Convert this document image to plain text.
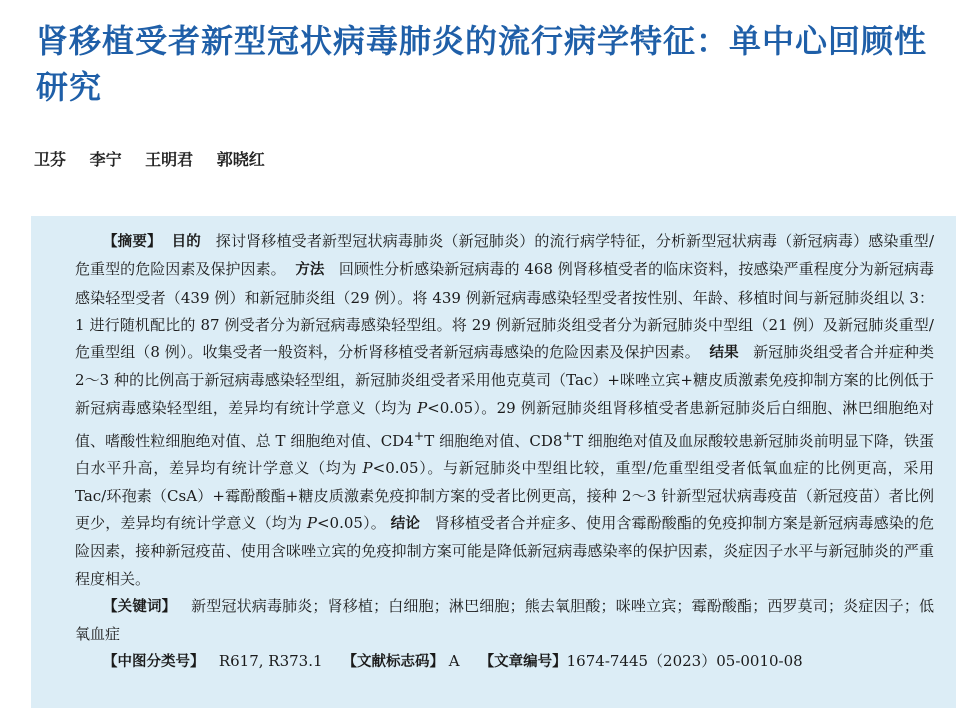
肾移植受者新型冠状病毒肺炎的流行病学特征：单中心回顾性研究
卫芬 李宁 王明君 郭晓红

【摘要】 目的 探讨肾移植受者新型冠状病毒肺炎（新冠肺炎）的流行病学特征，分析新型冠状病毒（新冠病毒）感染重型/危重型的危险因素及保护因素。 方法 回顾性分析感染新冠病毒的 468 例肾移植受者的临床资料，按感染严重程度分为新冠病毒感染轻型受者（439 例）和新冠肺炎组（29 例）。将 439 例新冠病毒感染轻型受者按性别、年龄、移植时间与新冠肺炎组以 3：1 进行随机配比的 87 例受者分为新冠病毒感染轻型组。将 29 例新冠肺炎组受者分为新冠肺炎中型组（21 例）及新冠肺炎重型/危重型组（8 例）。收集受者一般资料，分析肾移植受者新冠病毒感染的危险因素及保护因素。 结果 新冠肺炎组受者合并症种类 2～3 种的比例高于新冠病毒感染轻型组，新冠肺炎组受者采用他克莫司（Tac）+咪唑立宾+糖皮质激素免疫抑制方案的比例低于新冠病毒感染轻型组，差异均有统计学意义（均为 P<0.05）。29 例新冠肺炎组肾移植受者患新冠肺炎后白细胞、淋巴细胞绝对值、嗜酸性粒细胞绝对值、总 T 细胞绝对值、CD4+T 细胞绝对值、CD8+T 细胞绝对值及血尿酸较患新冠肺炎前明显下降，铁蛋白水平升高，差异均有统计学意义（均为 P<0.05）。与新冠肺炎中型组比较，重型/危重型组受者低氧血症的比例更高，采用 Tac/环孢素（CsA）+霉酚酸酯+糖皮质激素免疫抑制方案的受者比例更高，接种 2～3 针新型冠状病毒疫苗（新冠疫苗）者比例更少，差异均有统计学意义（均为 P<0.05）。 结论 肾移植受者合并症多、使用含霉酚酸酯的免疫抑制方案是新冠病毒感染的危险因素，接种新冠疫苗、使用含咪唑立宾的免疫抑制方案可能是降低新冠病毒感染率的保护因素，炎症因子水平与新冠肺炎的严重程度相关。

【关键词】 新型冠状病毒肺炎；肾移植；白细胞；淋巴细胞；熊去氧胆酸；咪唑立宾；霉酚酸酯；西罗莫司；炎症因子；低氧血症

【中图分类号】 R617, R373.1 【文献标志码】 A 【文章编号】1674-7445（2023）05-0010-08
